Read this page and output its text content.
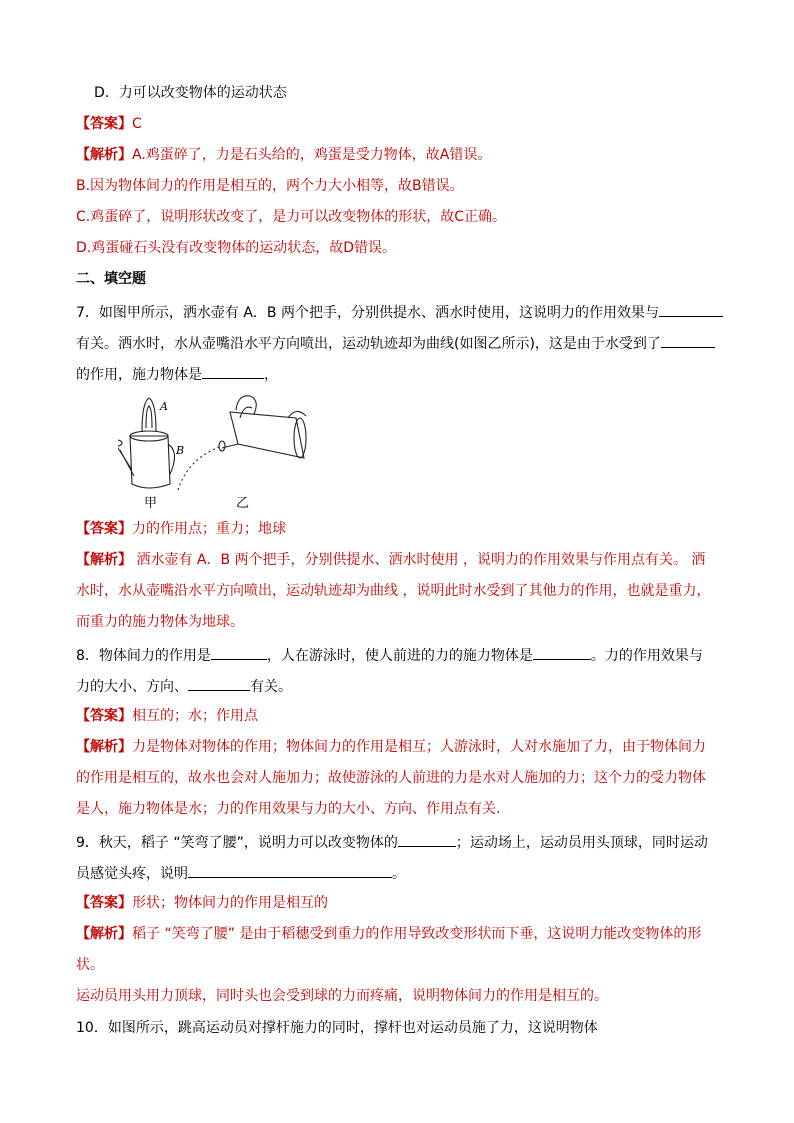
D．力可以改变物体的运动状态
【答案】C
【解析】A.鸡蛋碎了，力是石头给的，鸡蛋是受力物体，故A错误。
B.因为物体间力的作用是相互的，两个力大小相等，故B错误。
C.鸡蛋碎了，说明形状改变了，是力可以改变物体的形状，故C正确。
D.鸡蛋碰石头没有改变物体的运动状态，故D错误。
二、填空题
7．如图甲所示，洒水壶有 A．B 两个把手，分别供提水、洒水时使用，这说明力的作用效果与
有关。洒水时，水从壶嘴沿水平方向喷出，运动轨迹却为曲线(如图乙所示)，这是由于水受到了
的作用，施力物体是	，
A
B
甲	乙
【答案】力的作用点；重力；地球
【解析】 洒水壶有 A．B 两个把手，分别供提水、洒水时使用 ，说明力的作用效果与作用点有关。 洒
水时，水从壶嘴沿水平方向喷出，运动轨迹却为曲线 ，说明此时水受到了其他力的作用，也就是重力，
而重力的施力物体为地球。
8．物体间力的作用是	，人在游泳时，使人前进的力的施力物体是	。力的作用效果与
力的大小、方向、	有关。
【答案】相互的；水；作用点
【解析】力是物体对物体的作用；物体间力的作用是相互；人游泳时，人对水施加了力，由于物体间力
的作用是相互的，故水也会对人施加力；故使游泳的人前进的力是水对人施加的力；这个力的受力物体
是人，施力物体是水；力的作用效果与力的大小、方向、作用点有关.
9．秋天，稻子 “笑弯了腰”，说明力可以改变物体的	；运动场上，运动员用头顶球，同时运动
员感觉头疼，说明	。
【答案】形状；物体间力的作用是相互的
【解析】稻子 “笑弯了腰” 是由于稻穗受到重力的作用导致改变形状而下垂，这说明力能改变物体的形
状。
运动员用头用力顶球，同时头也会受到球的力而疼痛，说明物体间力的作用是相互的。
10．如图所示，跳高运动员对撑杆施力的同时，撑杆也对运动员施了力，这说明物体
